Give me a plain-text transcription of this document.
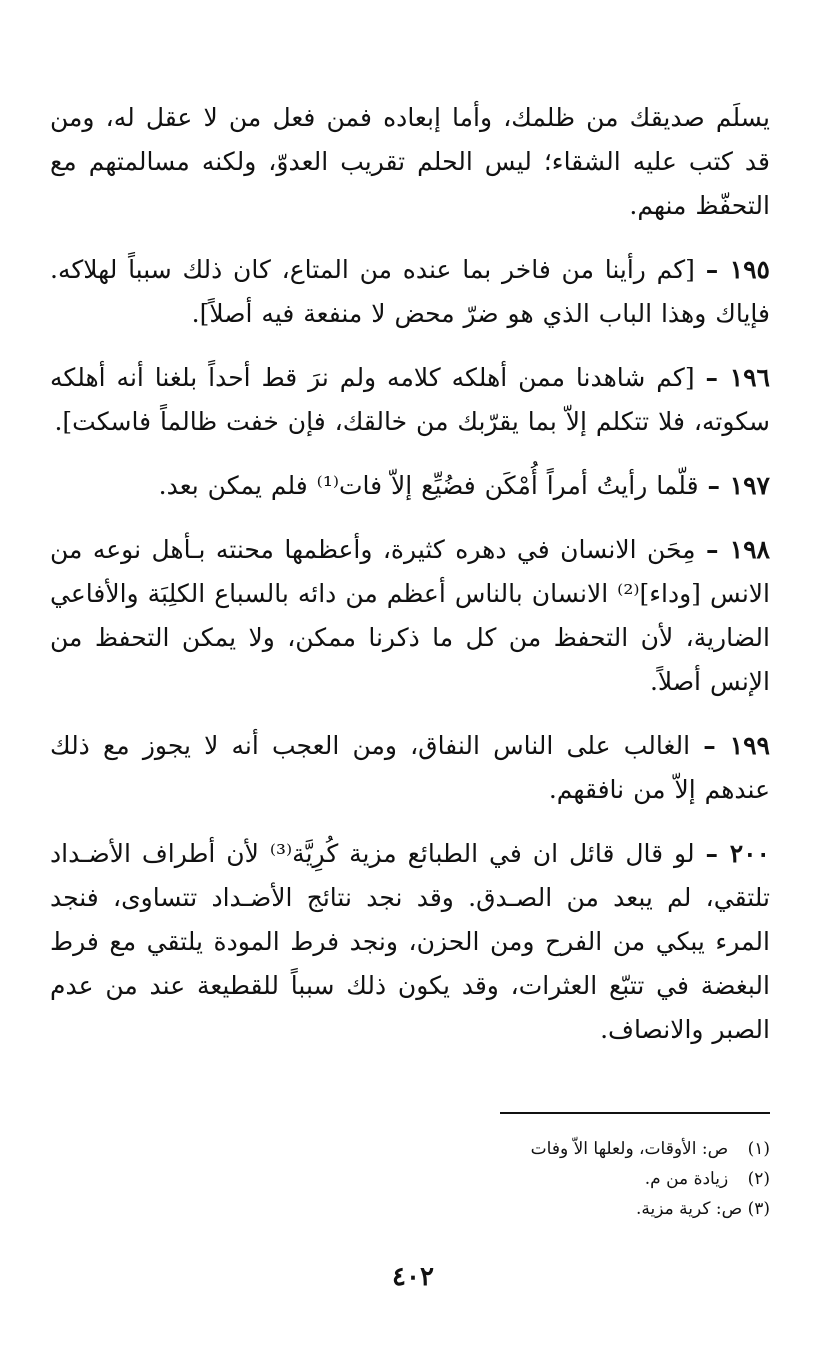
يسلَم صديقك من ظلمك، وأما إبعاده فمن فعل من لا عقل له، ومن قد كتب عليه الشقاء؛ ليس الحلم تقريب العدوّ، ولكنه مسالمتهم مع التحفّظ منهم.

١٩٥ – [كم رأينا من فاخر بما عنده من المتاع، كان ذلك سبباً لهلاكه. فإياك وهذا الباب الذي هو ضرّ محض لا منفعة فيه أصلاً].

١٩٦ – [كم شاهدنا ممن أهلكه كلامه ولم نرَ قط أحداً بلغنا أنه أهلكه سكوته، فلا تتكلم إلاّ بما يقرّبك من خالقك، فإن خفت ظالماً فاسكت].

١٩٧ – قلّما رأيتُ أمراً أُمْكَن فضُيِّع إلاّ فات⁽¹⁾ فلم يمكن بعد.

١٩٨ – مِحَن الانسان في دهره كثيرة، وأعظمها محنته بـأهل نوعه من الانس [وداء]⁽²⁾ الانسان بالناس أعظم من دائه بالسباع الكلِبَة والأفاعي الضارية، لأن التحفظ من كل ما ذكرنا ممكن، ولا يمكن التحفظ من الإنس أصلاً.

١٩٩ – الغالب على الناس النفاق، ومن العجب أنه لا يجوز مع ذلك عندهم إلاّ من نافقهم.

٢٠٠ – لو قال قائل ان في الطبائع مزية كُرِيَّة⁽³⁾ لأن أطراف الأضـداد تلتقي، لم يبعد من الصـدق. وقد نجد نتائج الأضـداد تتساوى، فنجد المرء يبكي من الفرح ومن الحزن، ونجد فرط المودة يلتقي مع فرط البغضة في تتبّع العثرات، وقد يكون ذلك سبباً للقطيعة عند من عدم الصبر والانصاف.

(١) ص: الأوقات، ولعلها الاّ وفات

(٢) زيادة من م.

(٣) ص: كرية مزية.

٤٠٢
